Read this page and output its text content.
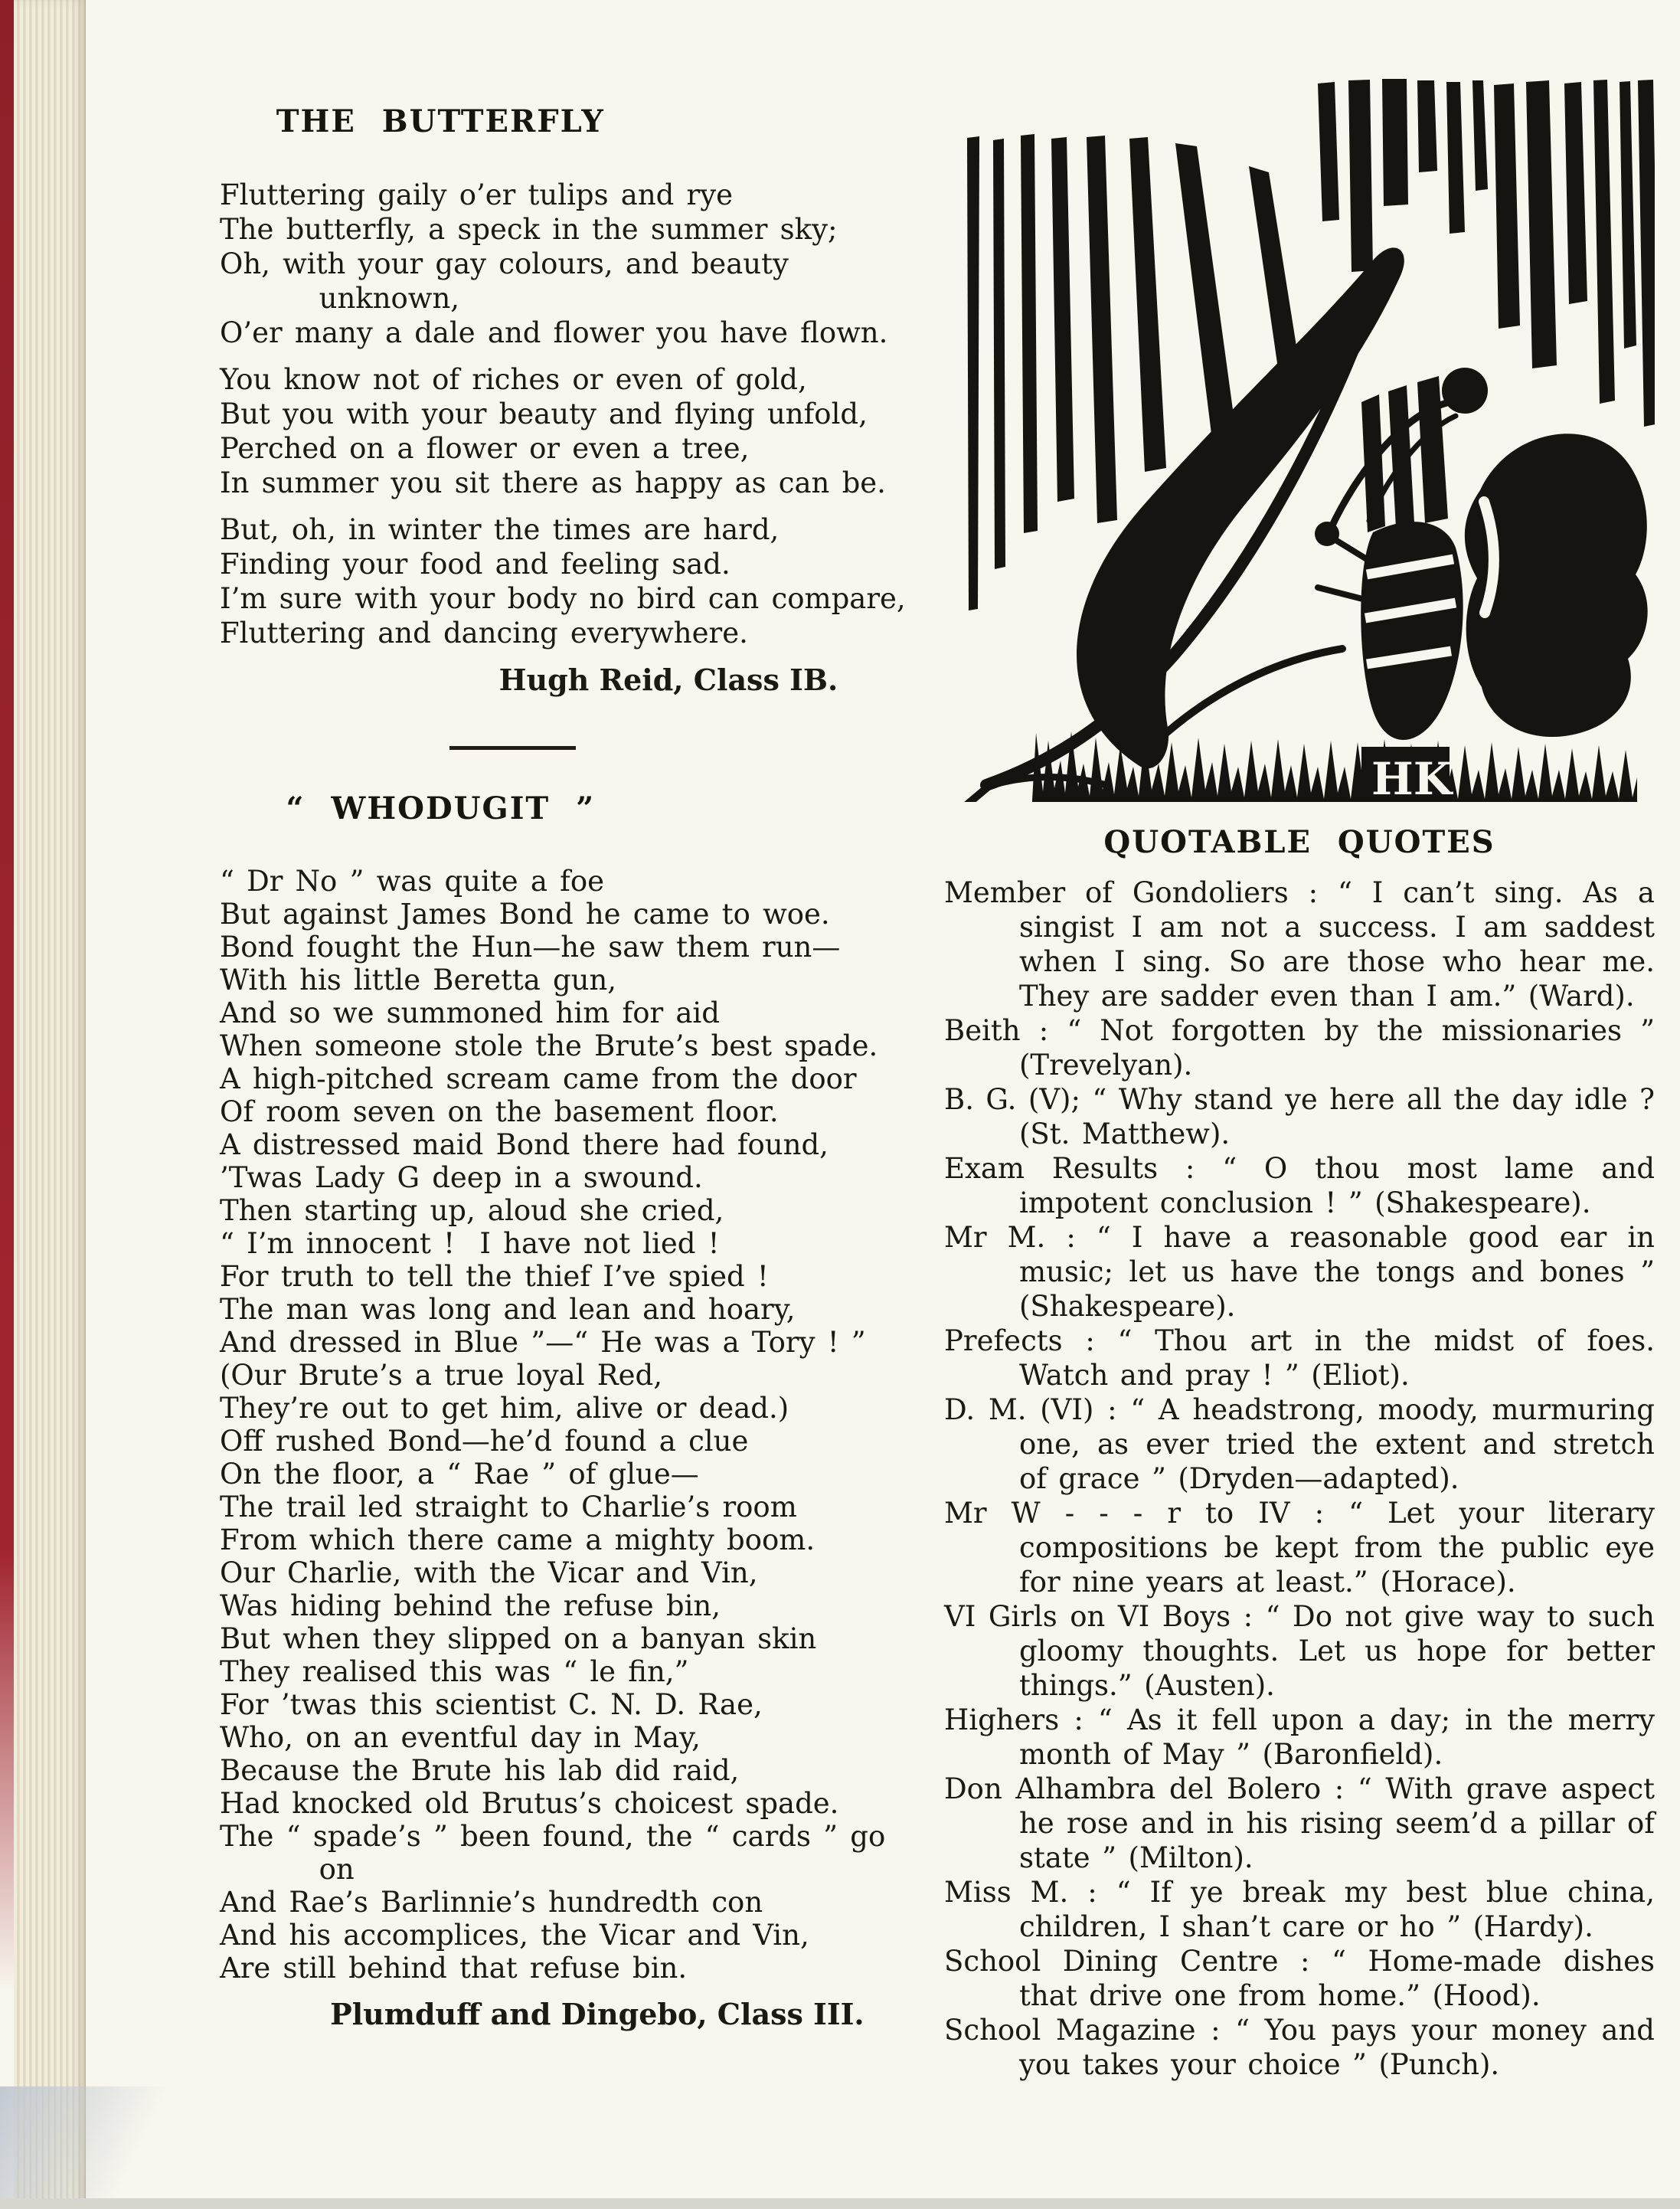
THE BUTTERFLY
Fluttering gaily o’er tulips and rye
The butterfly, a speck in the summer sky;
Oh, with your gay colours, and beauty
unknown,
O’er many a dale and flower you have flown.
You know not of riches or even of gold,
But you with your beauty and flying unfold,
Perched on a flower or even a tree,
In summer you sit there as happy as can be.
But, oh, in winter the times are hard,
Finding your food and feeling sad.
I’m sure with your body no bird can compare,
Fluttering and dancing everywhere.
Hugh Reid, Class IB.
“ WHODUGIT ”
“ Dr No ” was quite a foe
But against James Bond he came to woe.
Bond fought the Hun—he saw them run—
With his little Beretta gun,
And so we summoned him for aid
When someone stole the Brute’s best spade.
A high-pitched scream came from the door
Of room seven on the basement floor.
A distressed maid Bond there had found,
’Twas Lady G deep in a swound.
Then starting up, aloud she cried,
“ I’m innocent !  I have not lied !
For truth to tell the thief I’ve spied !
The man was long and lean and hoary,
And dressed in Blue ”—“ He was a Tory ! ”
(Our Brute’s a true loyal Red,
They’re out to get him, alive or dead.)
Off rushed Bond—he’d found a clue
On the floor, a “ Rae ” of glue—
The trail led straight to Charlie’s room
From which there came a mighty boom.
Our Charlie, with the Vicar and Vin,
Was hiding behind the refuse bin,
But when they slipped on a banyan skin
They realised this was “ le fin,”
For ’twas this scientist C. N. D. Rae,
Who, on an eventful day in May,
Because the Brute his lab did raid,
Had knocked old Brutus’s choicest spade.
The “ spade’s ” been found, the “ cards ” go
on
And Rae’s Barlinnie’s hundredth con
And his accomplices, the Vicar and Vin,
Are still behind that refuse bin.
Plumduff and Dingebo, Class III.
HK
QUOTABLE QUOTES

Member of Gondoliers : “ I can’t sing. As a singist I am not a success. I am saddest when I sing. So are those who hear me. They are sadder even than I am.” (Ward).

Beith : “ Not forgotten by the missionaries ” (Trevelyan).

B. G. (V); “ Why stand ye here all the day idle ? (St. Matthew).

Exam Results : “ O thou most lame and impotent conclusion ! ” (Shakespeare).

Mr M. : “ I have a reasonable good ear in music; let us have the tongs and bones ” (Shakespeare).

Prefects : “ Thou art in the midst of foes. Watch and pray ! ” (Eliot).

D. M. (VI) : “ A headstrong, moody, murmuring one, as ever tried the extent and stretch of grace ” (Dryden—adapted).

Mr W - - - r to IV : “ Let your literary compositions be kept from the public eye for nine years at least.” (Horace).

VI Girls on VI Boys : “ Do not give way to such gloomy thoughts. Let us hope for better things.” (Austen).

Highers : “ As it fell upon a day; in the merry month of May ” (Baronfield).

Don Alhambra del Bolero : “ With grave aspect he rose and in his rising seem’d a pillar of state ” (Milton).

Miss M. : “ If ye break my best blue china, children, I shan’t care or ho ” (Hardy).

School Dining Centre : “ Home-made dishes that drive one from home.” (Hood).

School Magazine : “ You pays your money and you takes your choice ” (Punch).
